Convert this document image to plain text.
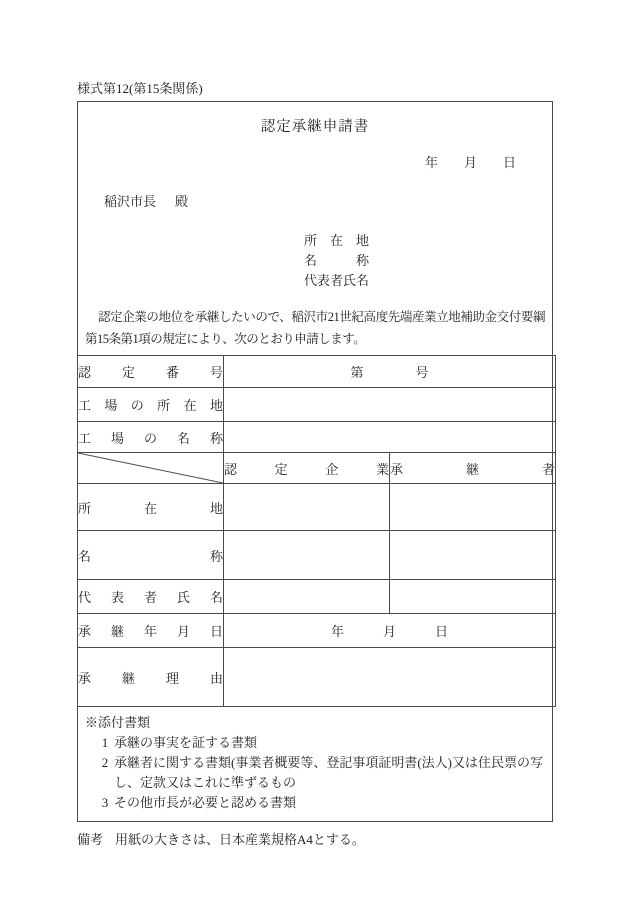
様式第12(第15条関係)
認定承継申請書
年　　月　　日
稲沢市長 殿
所　在　地
名　　　称
代表者氏名
認定企業の地位を承継したいので、稲沢市21世紀高度先端産業立地補助金交付要綱第15条第1項の規定により、次のとおり申請します。
認 定 番 号	第　　　　号	

工 場 の 所 在 地

工 場 の 名 称		

認 定 企 業	承 継 者

所 在 地		

名 称		

代 表 者 氏 名		

承 継 年 月 日	年　　　月　　　日	

承 継 理 由		

※添付書類
1 承継の事実を証する書類
2 承継者に関する書類(事業者概要等、登記事項証明書(法人)又は住民票の写し、定款又はこれに準ずるもの
3 その他市長が必要と認める書類
備考 用紙の大きさは、日本産業規格A4とする。
